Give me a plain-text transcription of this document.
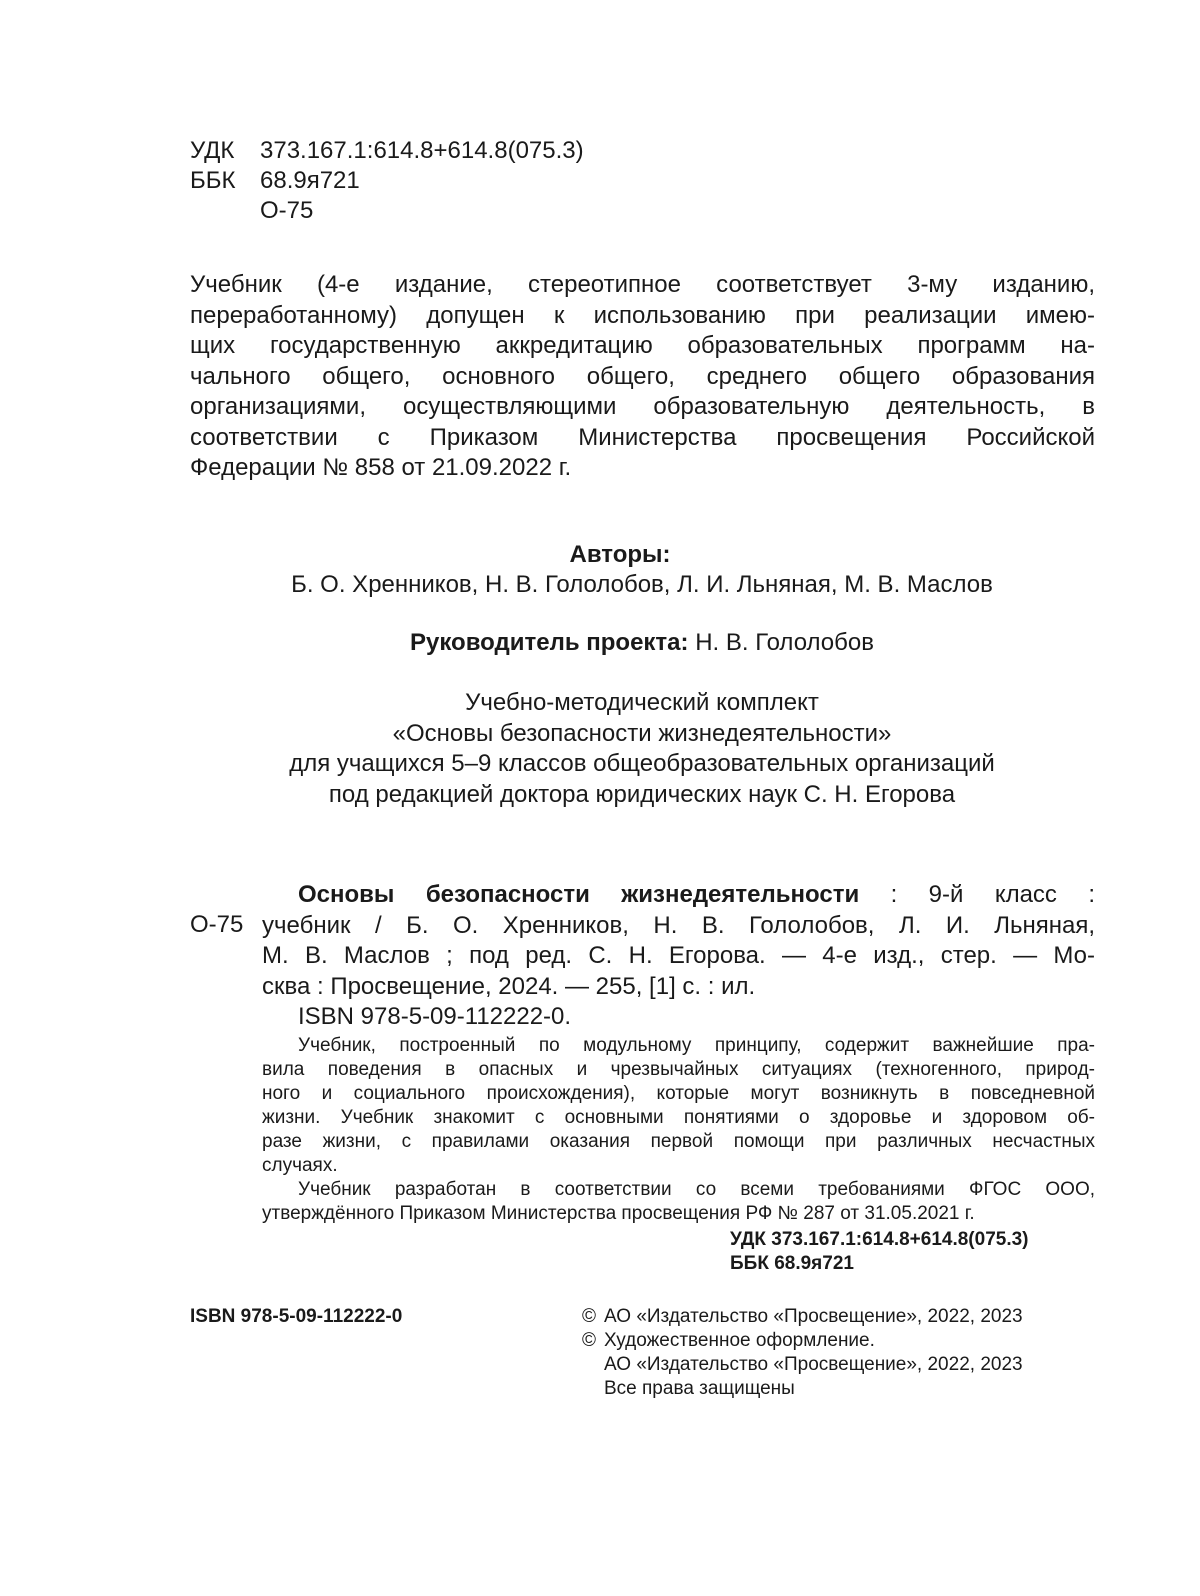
УДК 373.167.1:614.8+614.8(075.3)
ББК 68.9я721
О-75
Учебник (4-е издание, стереотипное соответствует 3-му изданию,
переработанному) допущен к использованию при реализации имею-
щих государственную аккредитацию образовательных программ на-
чального общего, основного общего, среднего общего образования
организациями, осуществляющими образовательную деятельность, в
соответствии с Приказом Министерства просвещения Российской
Федерации № 858 от 21.09.2022 г.
Авторы:
Б. О. Хренников, Н. В. Гололобов, Л. И. Льняная, М. В. Маслов
Руководитель проекта: Н. В. Гололобов
Учебно-методический комплект
«Основы безопасности жизнедеятельности»
для учащихся 5–9 классов общеобразовательных организаций
под редакцией доктора юридических наук С. Н. Егорова
О-75
Основы безопасности жизнедеятельности : 9-й класс :
учебник / Б. О. Хренников, Н. В. Гололобов, Л. И. Льняная,
М. В. Маслов ; под ред. С. Н. Егорова. — 4-е изд., стер. — Мо-
сква : Просвещение, 2024. — 255, [1] с. : ил.
ISBN 978-5-09-112222-0.
Учебник, построенный по модульному принципу, содержит важнейшие пра-
вила поведения в опасных и чрезвычайных ситуациях (техногенного, природ-
ного и социального происхождения), которые могут возникнуть в повседневной
жизни. Учебник знакомит с основными понятиями о здоровье и здоровом об-
разе жизни, с правилами оказания первой помощи при различных несчастных
случаях.
Учебник разработан в соответствии со всеми требованиями ФГОС ООО,
утверждённого Приказом Министерства просвещения РФ № 287 от 31.05.2021 г.
УДК 373.167.1:614.8+614.8(075.3)
ББК 68.9я721
ISBN 978-5-09-112222-0	© АО «Издательство «Просвещение», 2022, 2023
© Художественное оформление.
АО «Издательство «Просвещение», 2022, 2023
Все права защищены
